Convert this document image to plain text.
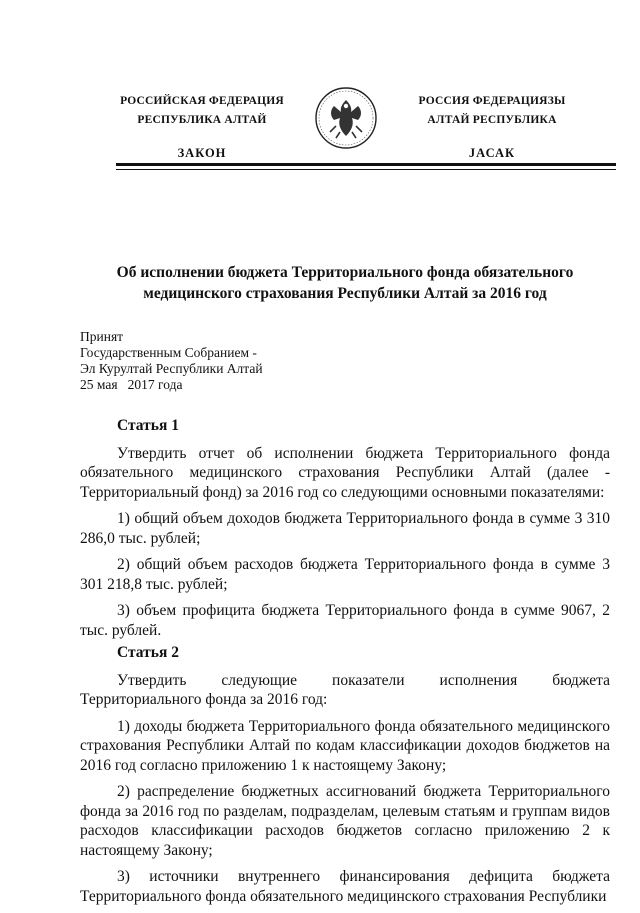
РОССИЙСКАЯ ФЕДЕРАЦИЯ
РЕСПУБЛИКА АЛТАЙ
ЗАКОН
РОССИЯ ФЕДЕРАЦИЯЗЫ
АЛТАЙ РЕСПУБЛИКА
ЈАСАК
Об исполнении бюджета Территориального фонда обязательного
медицинского страхования Республики Алтай за 2016 год
Принят
Государственным Собранием -
Эл Курултай Республики Алтай
25 мая   2017 года
Статья 1
Утвердить отчет об исполнении бюджета Территориального фонда обязательного медицинского страхования Республики Алтай (далее - Территориальный фонд) за 2016 год со следующими основными показателями:
1) общий объем доходов бюджета Территориального фонда в сумме 3 310 286,0 тыс. рублей;
2) общий объем расходов бюджета Территориального фонда в сумме 3 301 218,8 тыс. рублей;
3) объем профицита бюджета Территориального фонда в сумме 9067, 2 тыс. рублей.
Статья 2
Утвердить следующие показатели исполнения бюджета Территориального фонда за 2016 год:
1) доходы бюджета Территориального фонда обязательного медицинского страхования Республики Алтай по кодам классификации доходов бюджетов на 2016 год согласно приложению 1 к настоящему Закону;
2) распределение бюджетных ассигнований бюджета Территориального фонда за 2016 год по разделам, подразделам, целевым статьям и группам видов расходов классификации расходов бюджетов согласно приложению 2 к настоящему Закону;
3) источники внутреннего финансирования дефицита бюджета Территориального фонда обязательного медицинского страхования Республики
